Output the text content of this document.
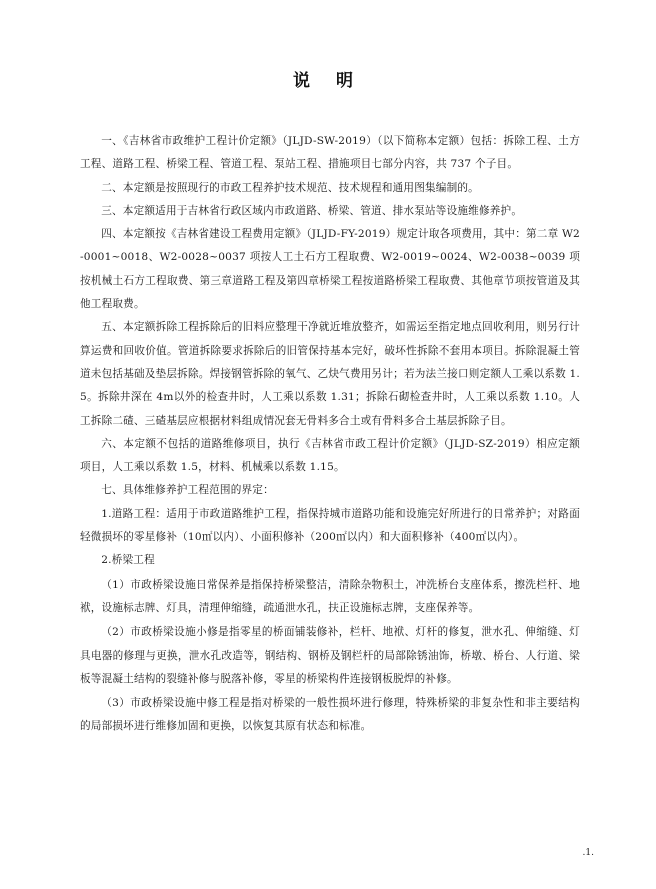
说 明

一、《吉林省市政维护工程计价定额》（JLJD-SW-2019）（以下简称本定额）包括：拆除工程、土方工程、道路工程、桥梁工程、管道工程、泵站工程、措施项目七部分内容，共 737 个子目。

二、本定额是按照现行的市政工程养护技术规范、技术规程和通用图集编制的。

三、本定额适用于吉林省行政区域内市政道路、桥梁、管道、排水泵站等设施维修养护。

四、本定额按《吉林省建设工程费用定额》（JLJD-FY-2019）规定计取各项费用，其中：第二章 W2-0001~0018、W2-0028~0037 项按人工土石方工程取费、W2-0019~0024、W2-0038~0039 项按机械土石方工程取费、第三章道路工程及第四章桥梁工程按道路桥梁工程取费、其他章节项按管道及其他工程取费。

五、本定额拆除工程拆除后的旧料应整理干净就近堆放整齐，如需运至指定地点回收利用，则另行计算运费和回收价值。管道拆除要求拆除后的旧管保持基本完好，破坏性拆除不套用本项目。拆除混凝土管道未包括基础及垫层拆除。焊接钢管拆除的氧气、乙炔气费用另计；若为法兰接口则定额人工乘以系数 1.5。拆除井深在 4m以外的检查井时，人工乘以系数 1.31；拆除石砌检查井时，人工乘以系数 1.10。人工拆除二碴、三碴基层应根据材料组成情况套无骨料多合土或有骨料多合土基层拆除子目。

六、本定额不包括的道路维修项目，执行《吉林省市政工程计价定额》（JLJD-SZ-2019）相应定额项目，人工乘以系数 1.5，材料、机械乘以系数 1.15。

七、具体维修养护工程范围的界定：

1.道路工程：适用于市政道路维护工程，指保持城市道路功能和设施完好所进行的日常养护；对路面轻微损坏的零星修补（10㎡以内）、小面积修补（200㎡以内）和大面积修补（400㎡以内）。

2.桥梁工程

（1）市政桥梁设施日常保养是指保持桥梁整洁，清除杂物积土，冲洗桥台支座体系，擦洗栏杆、地袱，设施标志牌、灯具，清理伸缩缝，疏通泄水孔，扶正设施标志牌，支座保养等。

（2）市政桥梁设施小修是指零星的桥面铺装修补，栏杆、地袱、灯杆的修复，泄水孔、伸缩缝、灯具电器的修理与更换，泄水孔改造等，钢结构、钢桥及钢栏杆的局部除锈油饰，桥墩、桥台、人行道、梁板等混凝土结构的裂缝补修与脱落补修，零星的桥梁构件连接钢板脱焊的补修。

（3）市政桥梁设施中修工程是指对桥梁的一般性损坏进行修理，特殊桥梁的非复杂性和非主要结构的局部损坏进行维修加固和更换，以恢复其原有状态和标准。

.1.
